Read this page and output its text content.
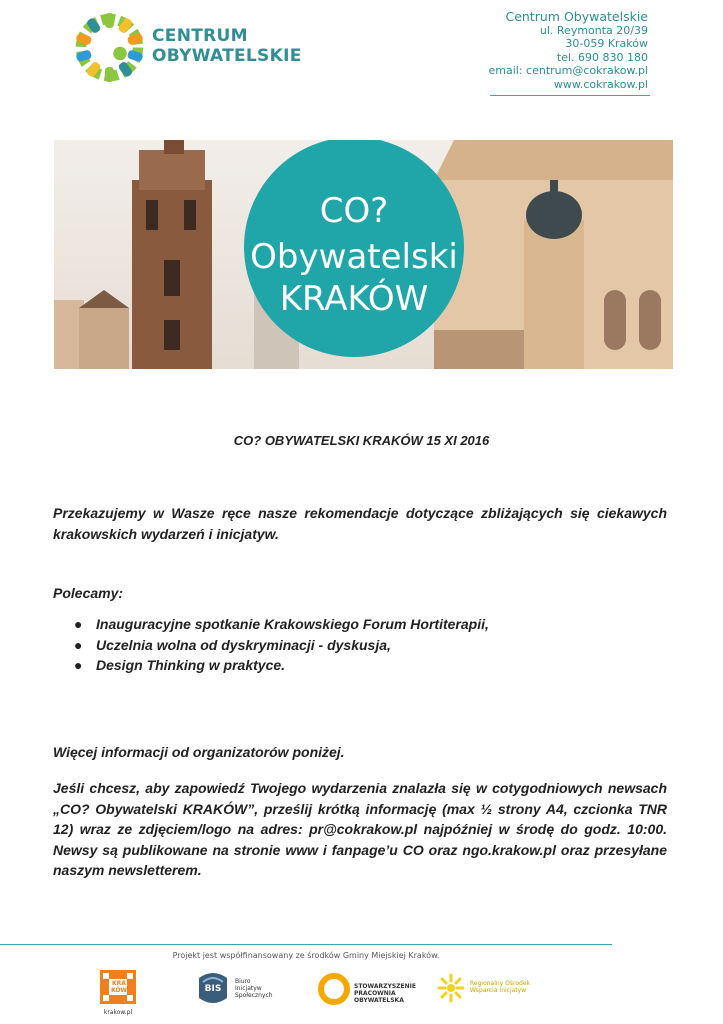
CENTRUM
OBYWATELSKIE
Centrum Obywatelskie
ul. Reymonta 20/39
30-059 Kraków
tel. 690 830 180
email: centrum@cokrakow.pl
www.cokrakow.pl
CO?
Obywatelski
KRAKÓW
CO? OBYWATELSKI KRAKÓW 15 XI 2016
Przekazujemy w Wasze ręce nasze rekomendacje dotyczące zbliżających się ciekawych krakowskich wydarzeń i inicjatyw.
Polecamy:
● Inauguracyjne spotkanie Krakowskiego Forum Hortiterapii,
● Uczelnia wolna od dyskryminacji - dyskusja,
● Design Thinking w praktyce.
Więcej informacji od organizatorów poniżej.
Jeśli chcesz, aby zapowiedź Twojego wydarzenia znalazła się w cotygodniowych newsach „CO? Obywatelski KRAKÓW”, prześlij krótką informację (max ½ strony A4, czcionka TNR 12) wraz ze zdjęciem/logo na adres: pr@cokrakow.pl najpóźniej w środę do godz. 10:00. Newsy są publikowane na stronie www i fanpage’u CO oraz ngo.krakow.pl oraz przesyłane naszym newsletterem.
Projekt jest współfinansowany ze środków Gminy Miejskiej Kraków.
KRA KÓW
krakow.pl
BIS
Biuro Inicjatyw Społecznych
STOWARZYSZENIE PRACOWNIA OBYWATELSKA
Regionalny Ośrodek Wsparcia Inicjatyw
